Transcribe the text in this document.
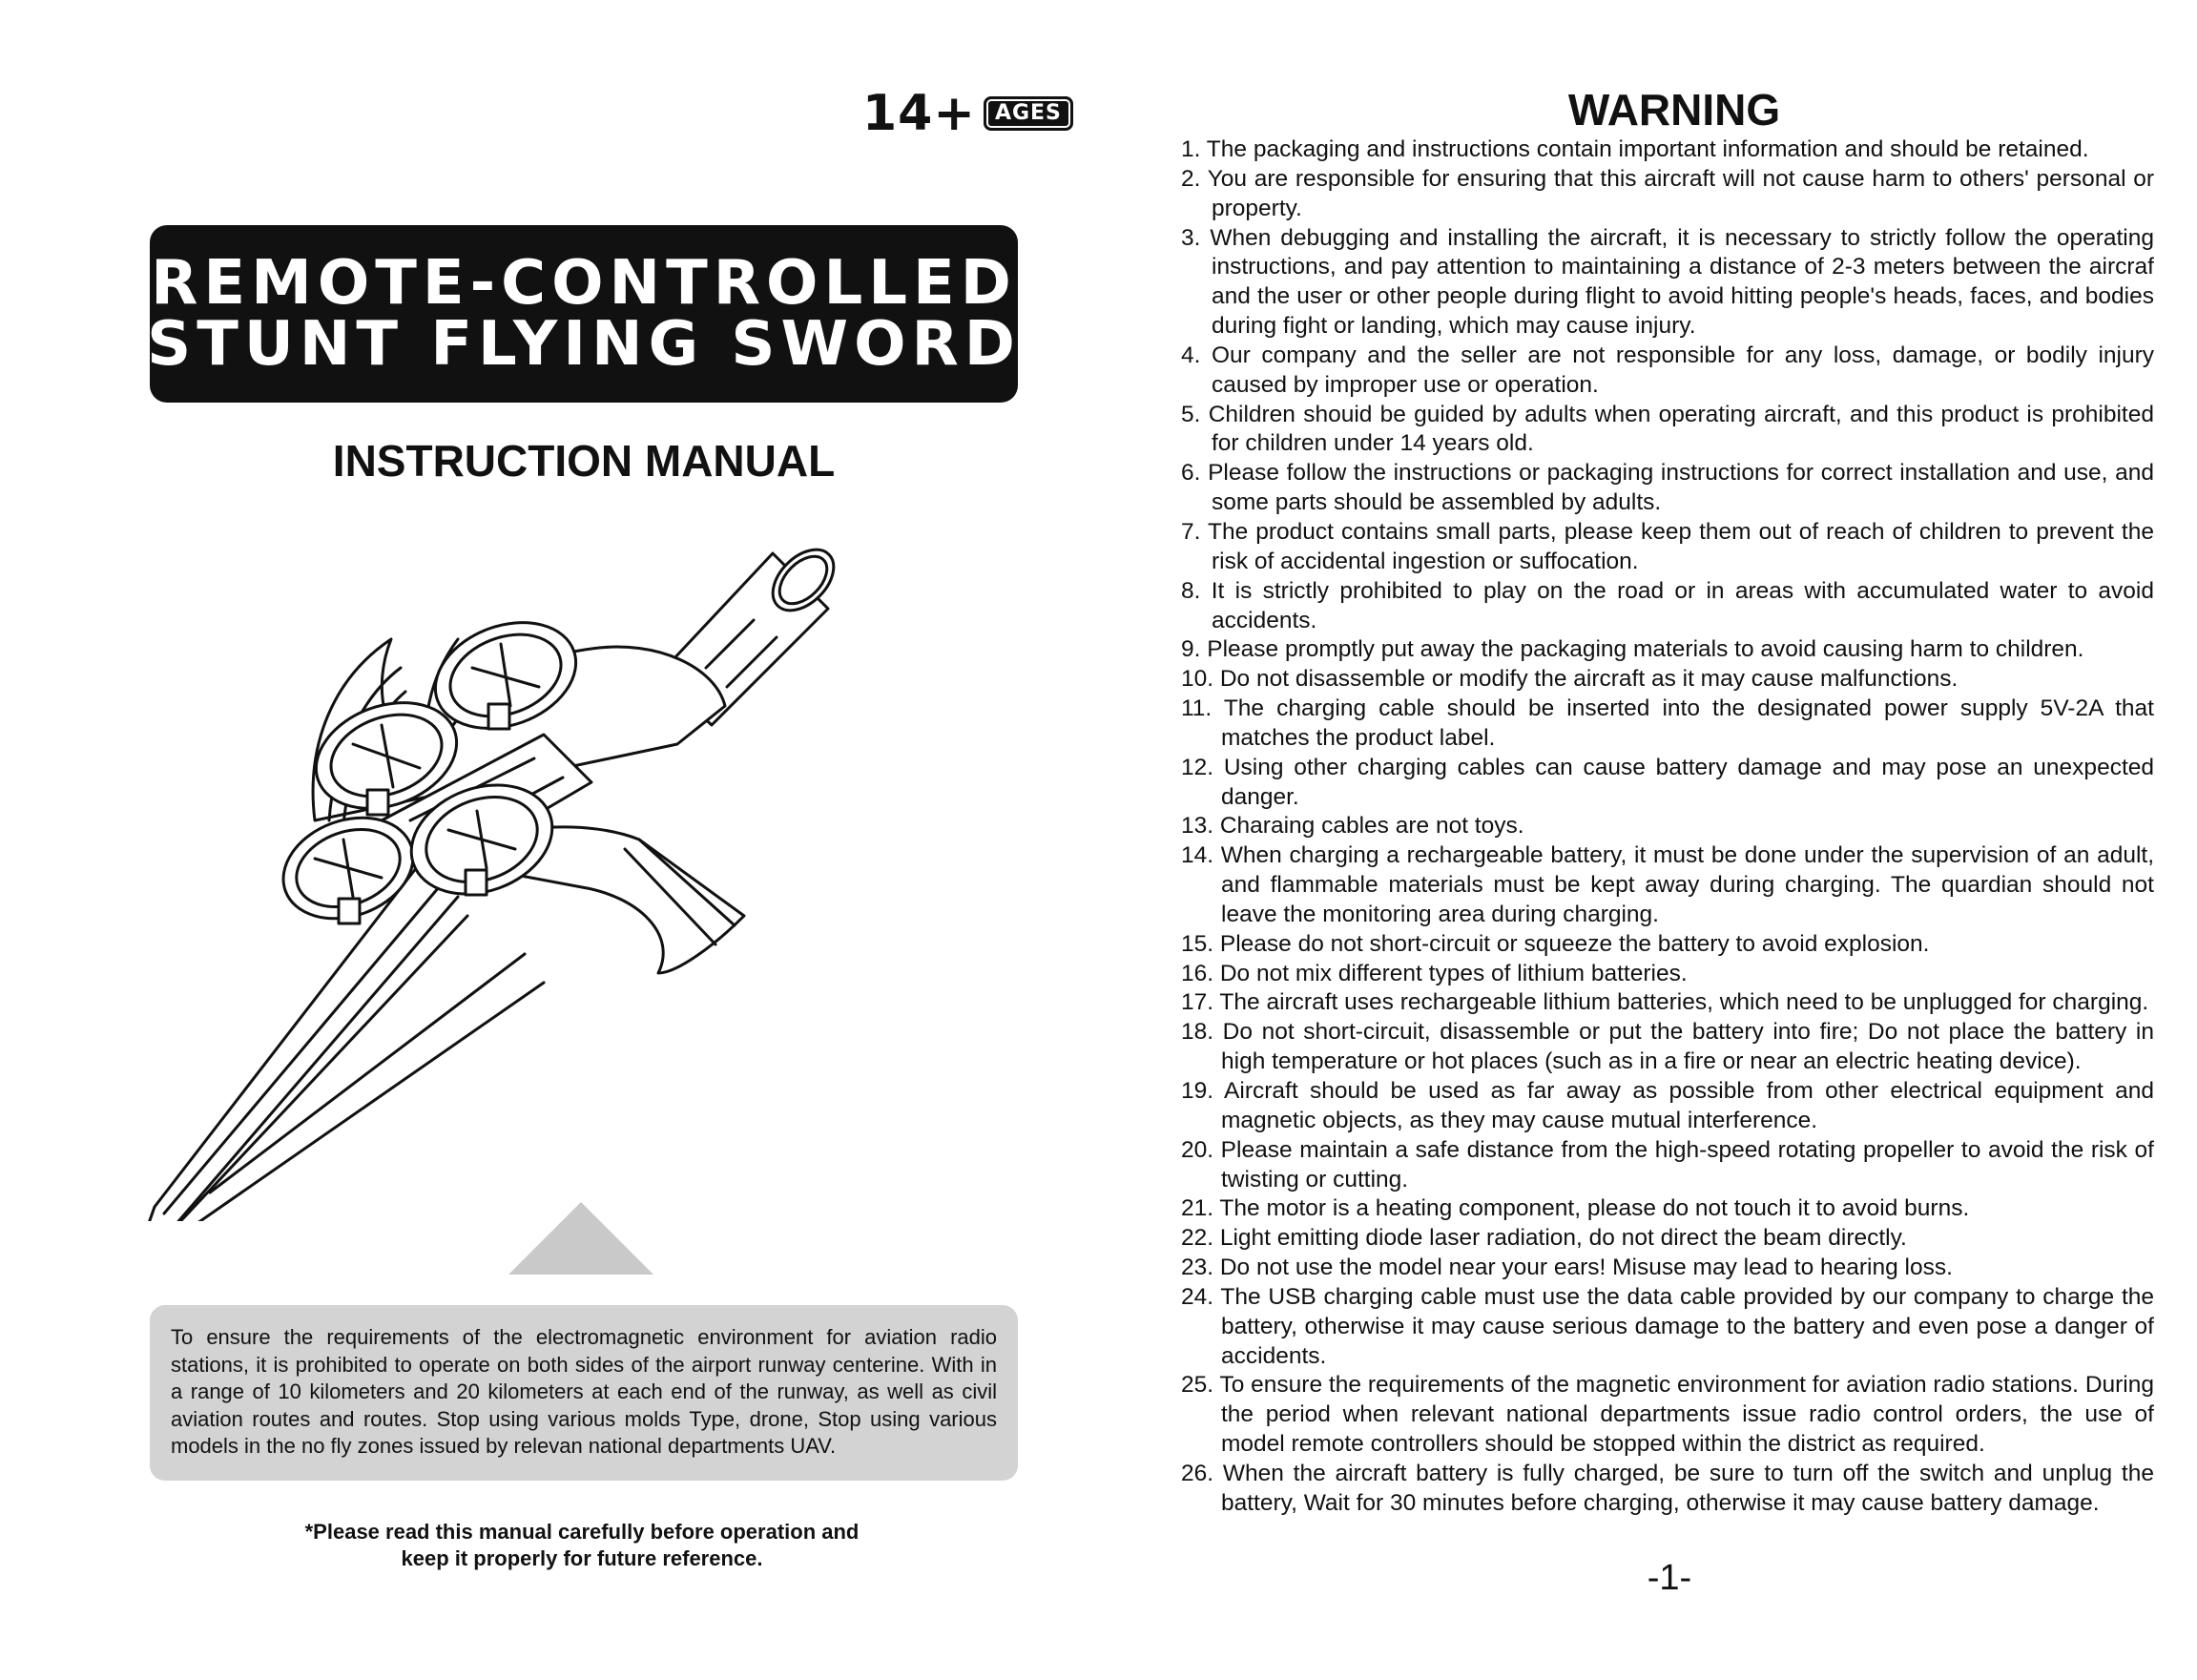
14+ AGES
REMOTE-CONTROLLED
STUNT FLYING SWORD
INSTRUCTION MANUAL

To ensure the requirements of the electromagnetic environment for aviation radio stations, it is prohibited to operate on both sides of the airport runway centerine. With in a range of 10 kilometers and 20 kilometers at each end of the runway, as well as civil aviation routes and routes. Stop using various molds Type, drone, Stop using various models in the no fly zones issued by relevan national departments UAV.

*Please read this manual carefully before operation and
keep it properly for future reference.
WARNING
1. The packaging and instructions contain important information and should be retained.
2. You are responsible for ensuring that this aircraft will not cause harm to others' personal or property.
3. When debugging and installing the aircraft, it is necessary to strictly follow the operating instructions, and pay attention to maintaining a distance of 2-3 meters between the aircraf and the user or other people during flight to avoid hitting people's heads, faces, and bodies during fight or landing, which may cause injury.
4. Our company and the seller are not responsible for any loss, damage, or bodily injury caused by improper use or operation.
5. Children shouid be guided by adults when operating aircraft, and this product is prohibited for children under 14 years old.
6. Please follow the instructions or packaging instructions for correct installation and use, and some parts should be assembled by adults.
7. The product contains small parts, please keep them out of reach of children to prevent the risk of accidental ingestion or suffocation.
8. It is strictly prohibited to play on the road or in areas with accumulated water to avoid accidents.
9. Please promptly put away the packaging materials to avoid causing harm to children.
10. Do not disassemble or modify the aircraft as it may cause malfunctions.
11. The charging cable should be inserted into the designated power supply 5V-2A that matches the product label.
12. Using other charging cables can cause battery damage and may pose an unexpected danger.
13. Charaing cables are not toys.
14. When charging a rechargeable battery, it must be done under the supervision of an adult, and flammable materials must be kept away during charging. The quardian should not leave the monitoring area during charging.
15. Please do not short-circuit or squeeze the battery to avoid explosion.
16. Do not mix different types of lithium batteries.
17. The aircraft uses rechargeable lithium batteries, which need to be unplugged for charging.
18. Do not short-circuit, disassemble or put the battery into fire; Do not place the battery in high temperature or hot places (such as in a fire or near an electric heating device).
19. Aircraft should be used as far away as possible from other electrical equipment and magnetic objects, as they may cause mutual interference.
20. Please maintain a safe distance from the high-speed rotating propeller to avoid the risk of twisting or cutting.
21. The motor is a heating component, please do not touch it to avoid burns.
22. Light emitting diode laser radiation, do not direct the beam directly.
23. Do not use the model near your ears! Misuse may lead to hearing loss.
24. The USB charging cable must use the data cable provided by our company to charge the battery, otherwise it may cause serious damage to the battery and even pose a danger of accidents.
25. To ensure the requirements of the magnetic environment for aviation radio stations. During the period when relevant national departments issue radio control orders, the use of model remote controllers should be stopped within the district as required.
26. When the aircraft battery is fully charged, be sure to turn off the switch and unplug the battery, Wait for 30 minutes before charging, otherwise it may cause battery damage.
-1-
